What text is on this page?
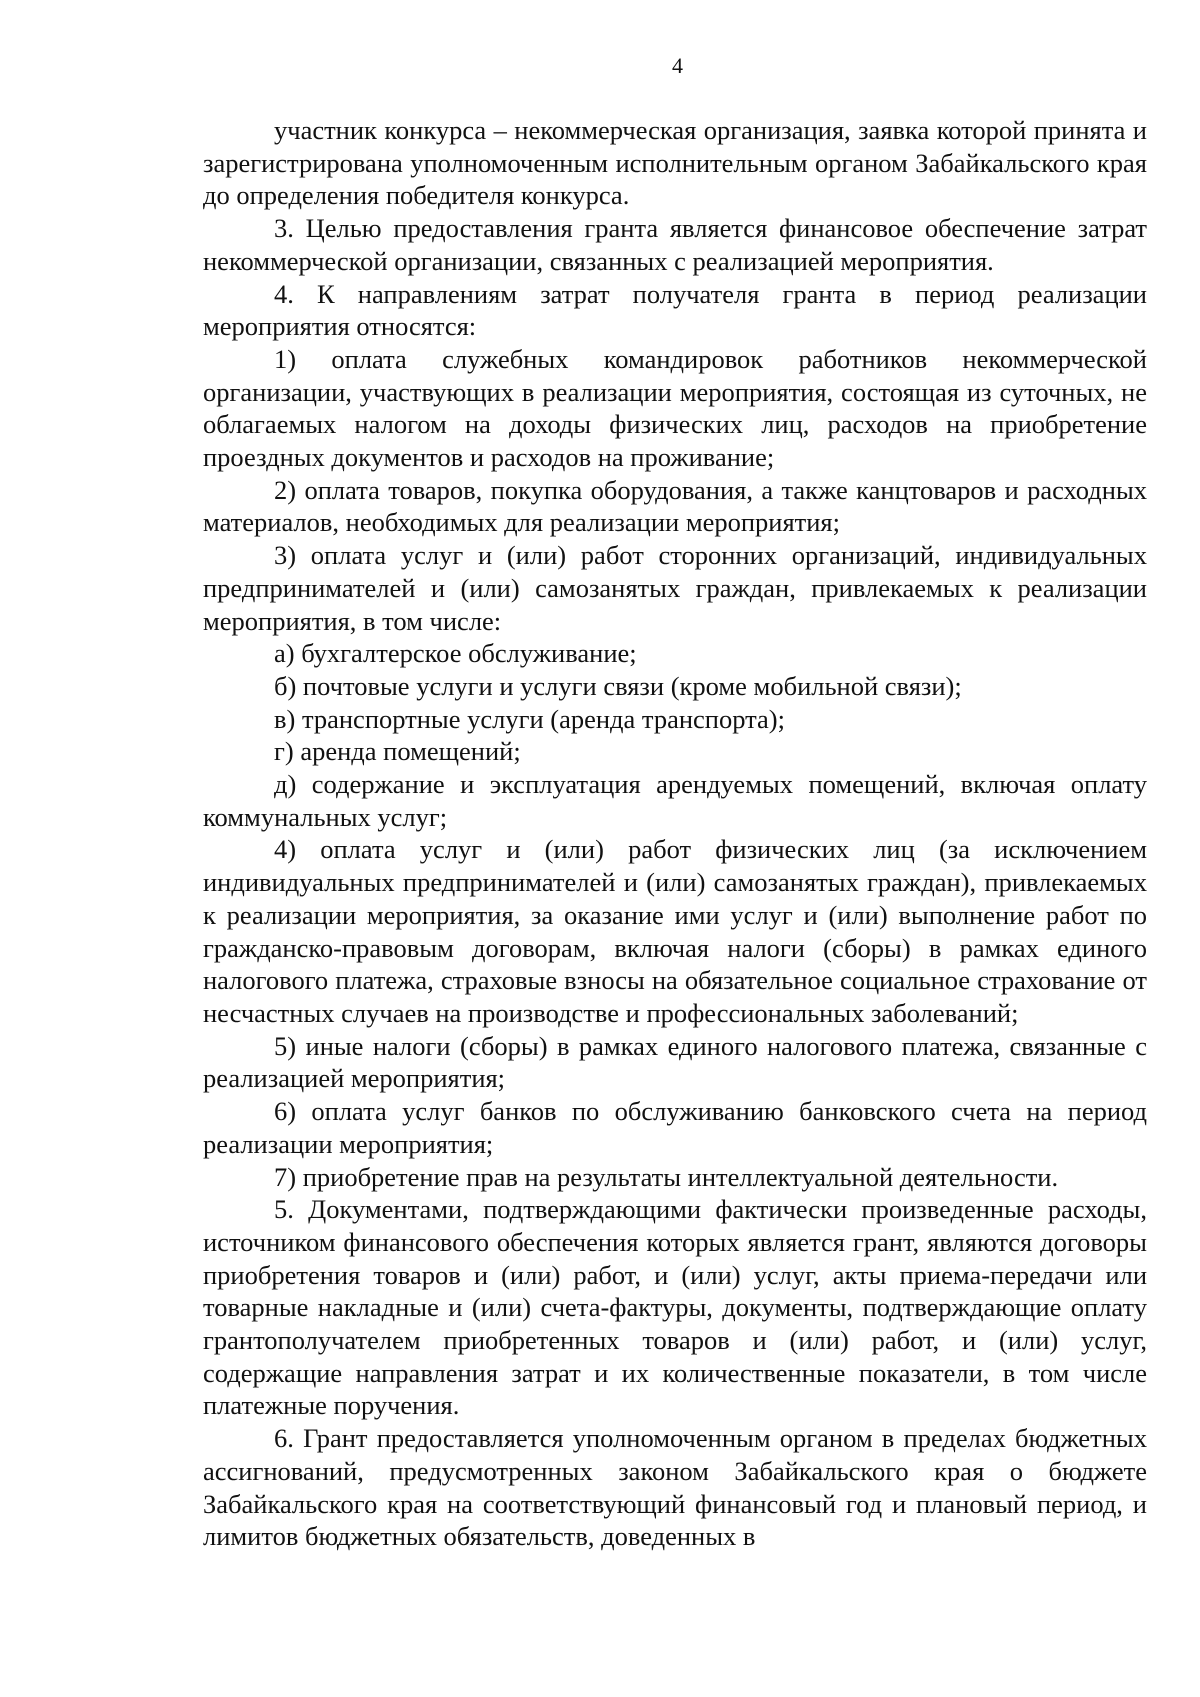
4

участник конкурса – некоммерческая организация, заявка которой принята и зарегистрирована уполномоченным исполнительным органом Забайкальского края до определения победителя конкурса.

3. Целью предоставления гранта является финансовое обеспечение затрат некоммерческой организации, связанных с реализацией мероприятия.

4. К направлениям затрат получателя гранта в период реализации мероприятия относятся:

1) оплата служебных командировок работников некоммерческой организации, участвующих в реализации мероприятия, состоящая из суточных, не облагаемых налогом на доходы физических лиц, расходов на приобретение проездных документов и расходов на проживание;

2) оплата товаров, покупка оборудования, а также канцтоваров и расходных материалов, необходимых для реализации мероприятия;

3) оплата услуг и (или) работ сторонних организаций, индивидуальных предпринимателей и (или) самозанятых граждан, привлекаемых к реализации мероприятия, в том числе:

а) бухгалтерское обслуживание;

б) почтовые услуги и услуги связи (кроме мобильной связи);

в) транспортные услуги (аренда транспорта);

г) аренда помещений;

д) содержание и эксплуатация арендуемых помещений, включая оплату коммунальных услуг;

4) оплата услуг и (или) работ физических лиц (за исключением индивидуальных предпринимателей и (или) самозанятых граждан), привлекаемых к реализации мероприятия, за оказание ими услуг и (или) выполнение работ по гражданско-правовым договорам, включая налоги (сборы) в рамках единого налогового платежа, страховые взносы на обязательное социальное страхование от несчастных случаев на производстве и профессиональных заболеваний;

5) иные налоги (сборы) в рамках единого налогового платежа, связанные с реализацией мероприятия;

6) оплата услуг банков по обслуживанию банковского счета на период реализации мероприятия;

7) приобретение прав на результаты интеллектуальной деятельности.

5. Документами, подтверждающими фактически произведенные расходы, источником финансового обеспечения которых является грант, являются договоры приобретения товаров и (или) работ, и (или) услуг, акты приема-передачи или товарные накладные и (или) счета-фактуры, документы, подтверждающие оплату грантополучателем приобретенных товаров и (или) работ, и (или) услуг, содержащие направления затрат и их количественные показатели, в том числе платежные поручения.

6. Грант предоставляется уполномоченным органом в пределах бюджетных ассигнований, предусмотренных законом Забайкальского края о бюджете Забайкальского края на соответствующий финансовый год и плановый период, и лимитов бюджетных обязательств, доведенных в
